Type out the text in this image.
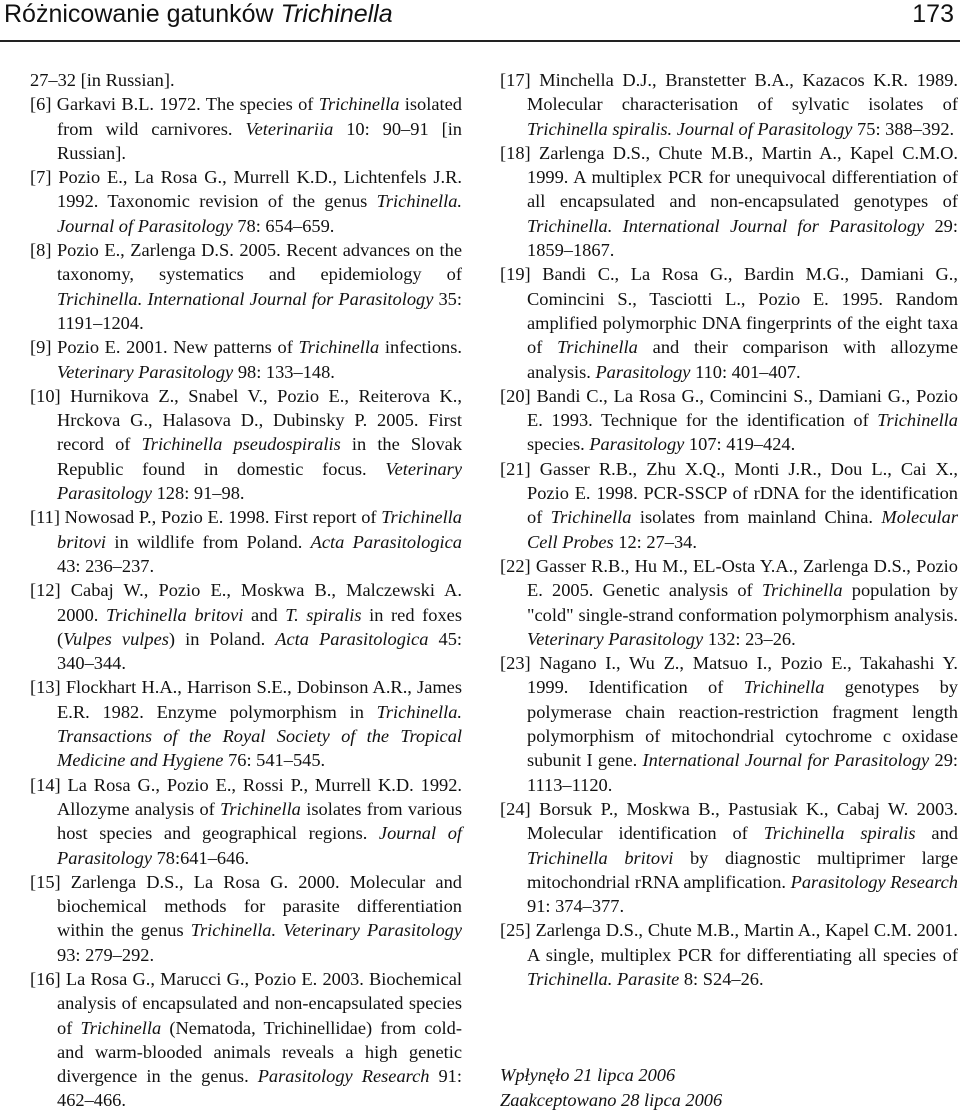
Różnicowanie gatunków Trichinella	173

27–32 [in Russian].

[6] Garkavi B.L. 1972. The species of Trichinella isolated from wild carnivores. Veterinariia 10: 90–91 [in Russian].

[7] Pozio E., La Rosa G., Murrell K.D., Lichtenfels J.R. 1992. Taxonomic revision of the genus Trichinella. Journal of Parasitology 78: 654–659.

[8] Pozio E., Zarlenga D.S. 2005. Recent advances on the taxonomy, systematics and epidemiology of Trichinella. International Journal for Parasitology 35: 1191–1204.

[9] Pozio E. 2001. New patterns of Trichinella infections. Veterinary Parasitology 98: 133–148.

[10] Hurnikova Z., Snabel V., Pozio E., Reiterova K., Hrckova G., Halasova D., Dubinsky P. 2005. First record of Trichinella pseudospiralis in the Slovak Republic found in domestic focus. Veterinary Parasitology 128: 91–98.

[11] Nowosad P., Pozio E. 1998. First report of Trichinella britovi in wildlife from Poland. Acta Parasitologica 43: 236–237.

[12] Cabaj W., Pozio E., Moskwa B., Malczewski A. 2000. Trichinella britovi and T. spiralis in red foxes (Vulpes vulpes) in Poland. Acta Parasitologica 45: 340–344.

[13] Flockhart H.A., Harrison S.E., Dobinson A.R., James E.R. 1982. Enzyme polymorphism in Trichinella. Transactions of the Royal Society of the Tropical Medicine and Hygiene 76: 541–545.

[14] La Rosa G., Pozio E., Rossi P., Murrell K.D. 1992. Allozyme analysis of Trichinella isolates from various host species and geographical regions. Journal of Parasitology 78:641–646.

[15] Zarlenga D.S., La Rosa G. 2000. Molecular and biochemical methods for parasite differentiation within the genus Trichinella. Veterinary Parasitology 93: 279–292.

[16] La Rosa G., Marucci G., Pozio E. 2003. Biochemical analysis of encapsulated and non-encapsulated species of Trichinella (Nematoda, Trichinellidae) from cold- and warm-blooded animals reveals a high genetic divergence in the genus. Parasitology Research 91: 462–466.

[17] Minchella D.J., Branstetter B.A., Kazacos K.R. 1989. Molecular characterisation of sylvatic isolates of Trichinella spiralis. Journal of Parasitology 75: 388–392.

[18] Zarlenga D.S., Chute M.B., Martin A., Kapel C.M.O. 1999. A multiplex PCR for unequivocal differentiation of all encapsulated and non-encapsulated genotypes of Trichinella. International Journal for Parasitology 29: 1859–1867.

[19] Bandi C., La Rosa G., Bardin M.G., Damiani G., Comincini S., Tasciotti L., Pozio E. 1995. Random amplified polymorphic DNA fingerprints of the eight taxa of Trichinella and their comparison with allozyme analysis. Parasitology 110: 401–407.

[20] Bandi C., La Rosa G., Comincini S., Damiani G., Pozio E. 1993. Technique for the identification of Trichinella species. Parasitology 107: 419–424.

[21] Gasser R.B., Zhu X.Q., Monti J.R., Dou L., Cai X., Pozio E. 1998. PCR-SSCP of rDNA for the identification of Trichinella isolates from mainland China. Molecular Cell Probes 12: 27–34.

[22] Gasser R.B., Hu M., EL-Osta Y.A., Zarlenga D.S., Pozio E. 2005. Genetic analysis of Trichinella population by "cold" single-strand conformation polymorphism analysis. Veterinary Parasitology 132: 23–26.

[23] Nagano I., Wu Z., Matsuo I., Pozio E., Takahashi Y. 1999. Identification of Trichinella genotypes by polymerase chain reaction-restriction fragment length polymorphism of mitochondrial cytochrome c oxidase subunit I gene. International Journal for Parasitology 29: 1113–1120.

[24] Borsuk P., Moskwa B., Pastusiak K., Cabaj W. 2003. Molecular identification of Trichinella spiralis and Trichinella britovi by diagnostic multiprimer large mitochondrial rRNA amplification. Parasitology Research 91: 374–377.

[25] Zarlenga D.S., Chute M.B., Martin A., Kapel C.M. 2001. A single, multiplex PCR for differentiating all species of Trichinella. Parasite 8: S24–26.

Wpłynęło 21 lipca 2006
Zaakceptowano 28 lipca 2006
